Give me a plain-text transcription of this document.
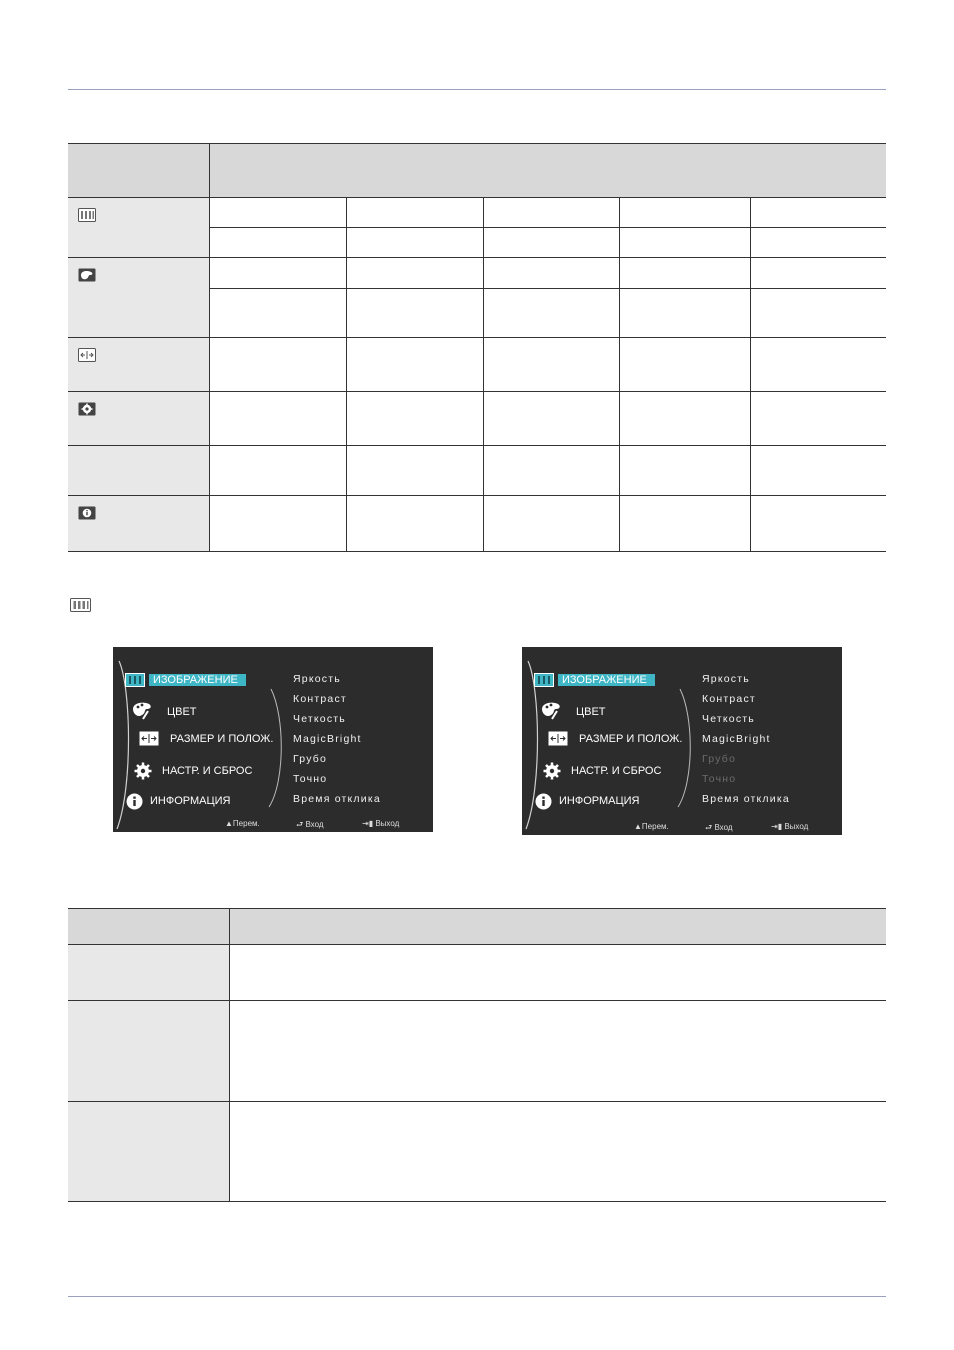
ИЗОБРАЖЕНИЕ
ЦВЕТ
РАЗМЕР И ПОЛОЖ.
НАСТР. И СБРОС
ИНФОРМАЦИЯ
Яркость
Контраст
Четкость
MagicBright
Грубо
Точно
Время отклика
▲Перем.	⮐ Вход	⇥▮ Выход
ИЗОБРАЖЕНИЕ
ЦВЕТ
РАЗМЕР И ПОЛОЖ.
НАСТР. И СБРОС
ИНФОРМАЦИЯ
Яркость
Контраст
Четкость
MagicBright
Грубо
Точно
Время отклика
▲Перем.	⮐ Вход	⇥▮ Выход
